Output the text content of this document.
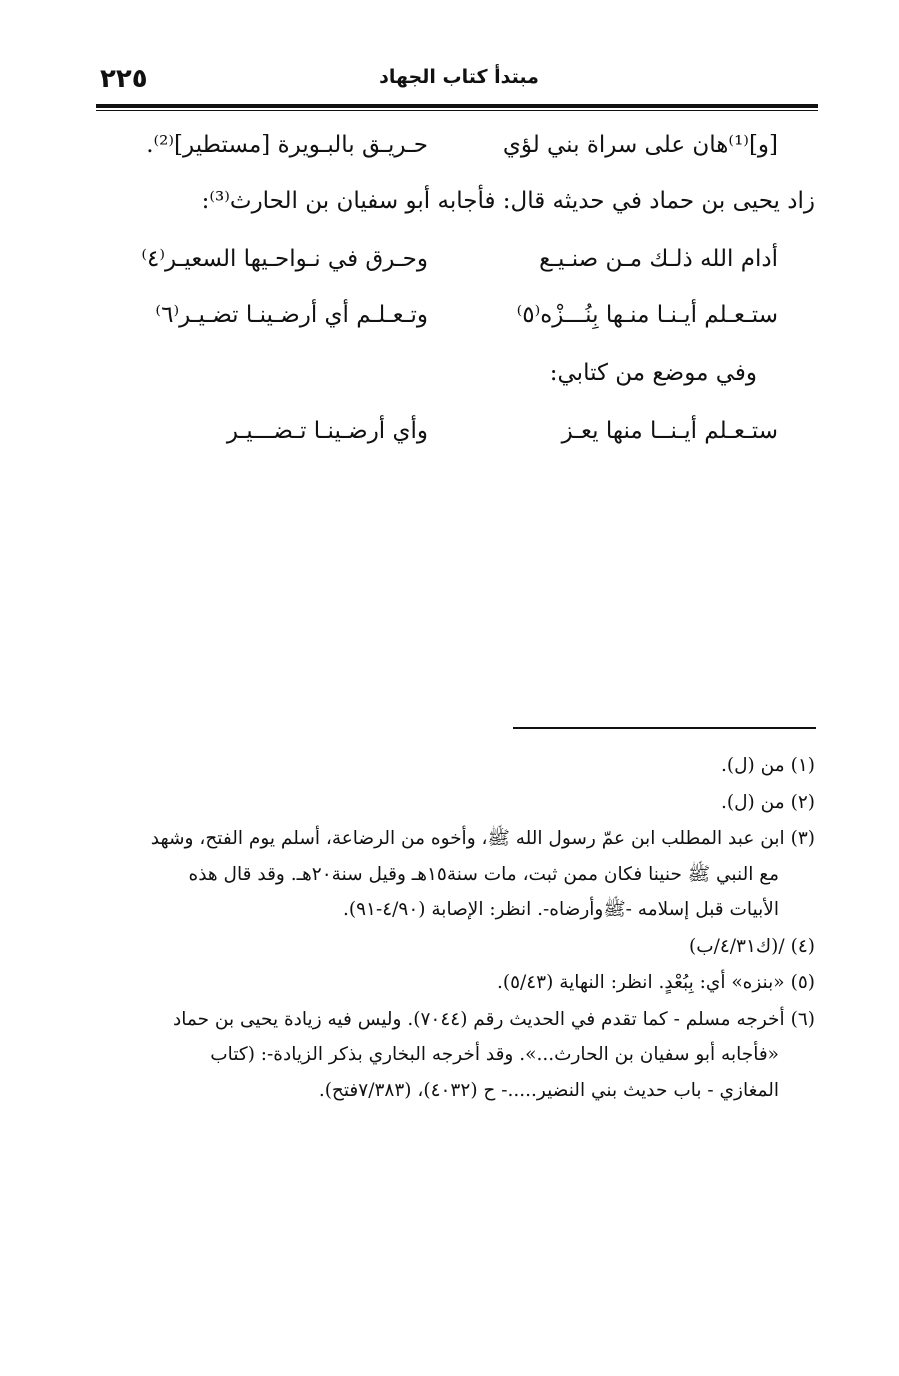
٢٢٥	مبتدأ كتاب الجهاد
[و]⁽¹⁾هان على سراة بني لؤي
حـريـق بالبـويرة [مستطير]⁽²⁾.
زاد يحيى بن حماد في حديثه قال: فأجابه أبو سفيان بن الحارث⁽³⁾:
أدام الله ذلـك مـن صنـيـع
وحـرق في نـواحـيها السعيـر⁽٤⁾
ستـعـلم أيـنـا منـها بِنُـــزْه⁽٥⁾
وتـعـلـم أي أرضـينـا تضـيـر⁽٦⁾
وفي موضع من كتابي:
ستـعـلم أيـنــا منها يعـز
وأي أرضـينـا تـضـــيـر
(١)من (ل).
(٢)من (ل).
(٣)ابن عبد المطلب ابن عمّ رسول الله ﷺ، وأخوه من الرضاعة، أسلم يوم الفتح، وشهد
مع النبي ﷺ حنينا فكان ممن ثبت، مات سنة١٥هـ وقيل سنة٢٠هـ. وقد قال هذه
الأبيات قبل إسلامه -ﷺوأرضاه-. انظر: الإصابة (٤/٩٠-٩١).
(٤)/(ك٤/٣١/ب)
(٥)«بنزه» أي: بِبُعْدٍ. انظر: النهاية (٥/٤٣).
(٦)أخرجه مسلم - كما تقدم في الحديث رقم (٧٠٤٤). وليس فيه زيادة يحيى بن حماد
«فأجابه أبو سفيان بن الحارث...». وقد أخرجه البخاري بذكر الزيادة-: (كتاب
المغازي - باب حديث بني النضير.....- ح (٤٠٣٢)، (٧/٣٨٣فتح).
